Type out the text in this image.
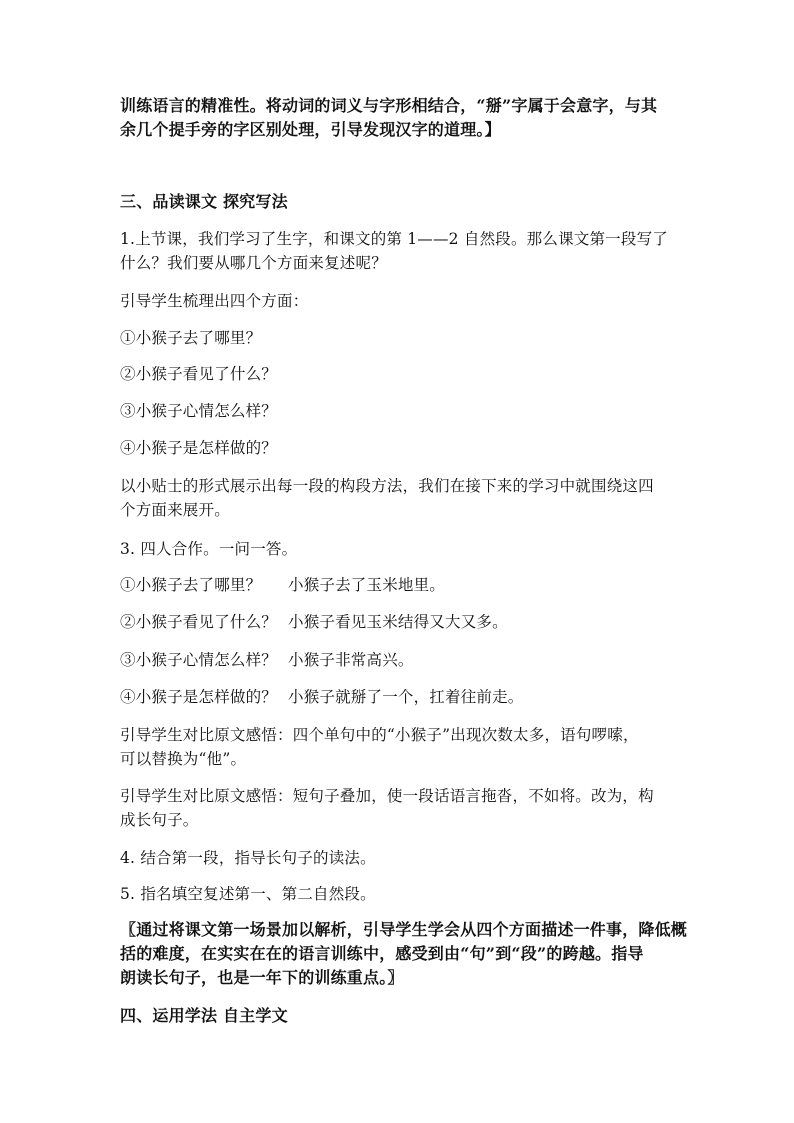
训练语言的精准性。将动词的词义与字形相结合，“掰”字属于会意字，与其
余几个提手旁的字区别处理，引导发现汉字的道理。】
三、品读课文 探究写法
1.上节课，我们学习了生字，和课文的第 1——2 自然段。那么课文第一段写了
什么？我们要从哪几个方面来复述呢？
引导学生梳理出四个方面：
①小猴子去了哪里？
②小猴子看见了什么？
③小猴子心情怎么样？
④小猴子是怎样做的？
以小贴士的形式展示出每一段的构段方法，我们在接下来的学习中就围绕这四
个方面来展开。
3. 四人合作。一问一答。
①小猴子去了哪里？ 小猴子去了玉米地里。
②小猴子看见了什么？ 小猴子看见玉米结得又大又多。
③小猴子心情怎么样？ 小猴子非常高兴。
④小猴子是怎样做的？ 小猴子就掰了一个，扛着往前走。
引导学生对比原文感悟：四个单句中的“小猴子”出现次数太多，语句啰嗦，
可以替换为“他”。
引导学生对比原文感悟：短句子叠加，使一段话语言拖沓，不如将。改为，构
成长句子。
4. 结合第一段，指导长句子的读法。
5. 指名填空复述第一、第二自然段。
〖通过将课文第一场景加以解析，引导学生学会从四个方面描述一件事，降低概
括的难度，在实实在在的语言训练中，感受到由“句”到“段”的跨越。指导
朗读长句子，也是一年下的训练重点。〗
四、运用学法 自主学文
